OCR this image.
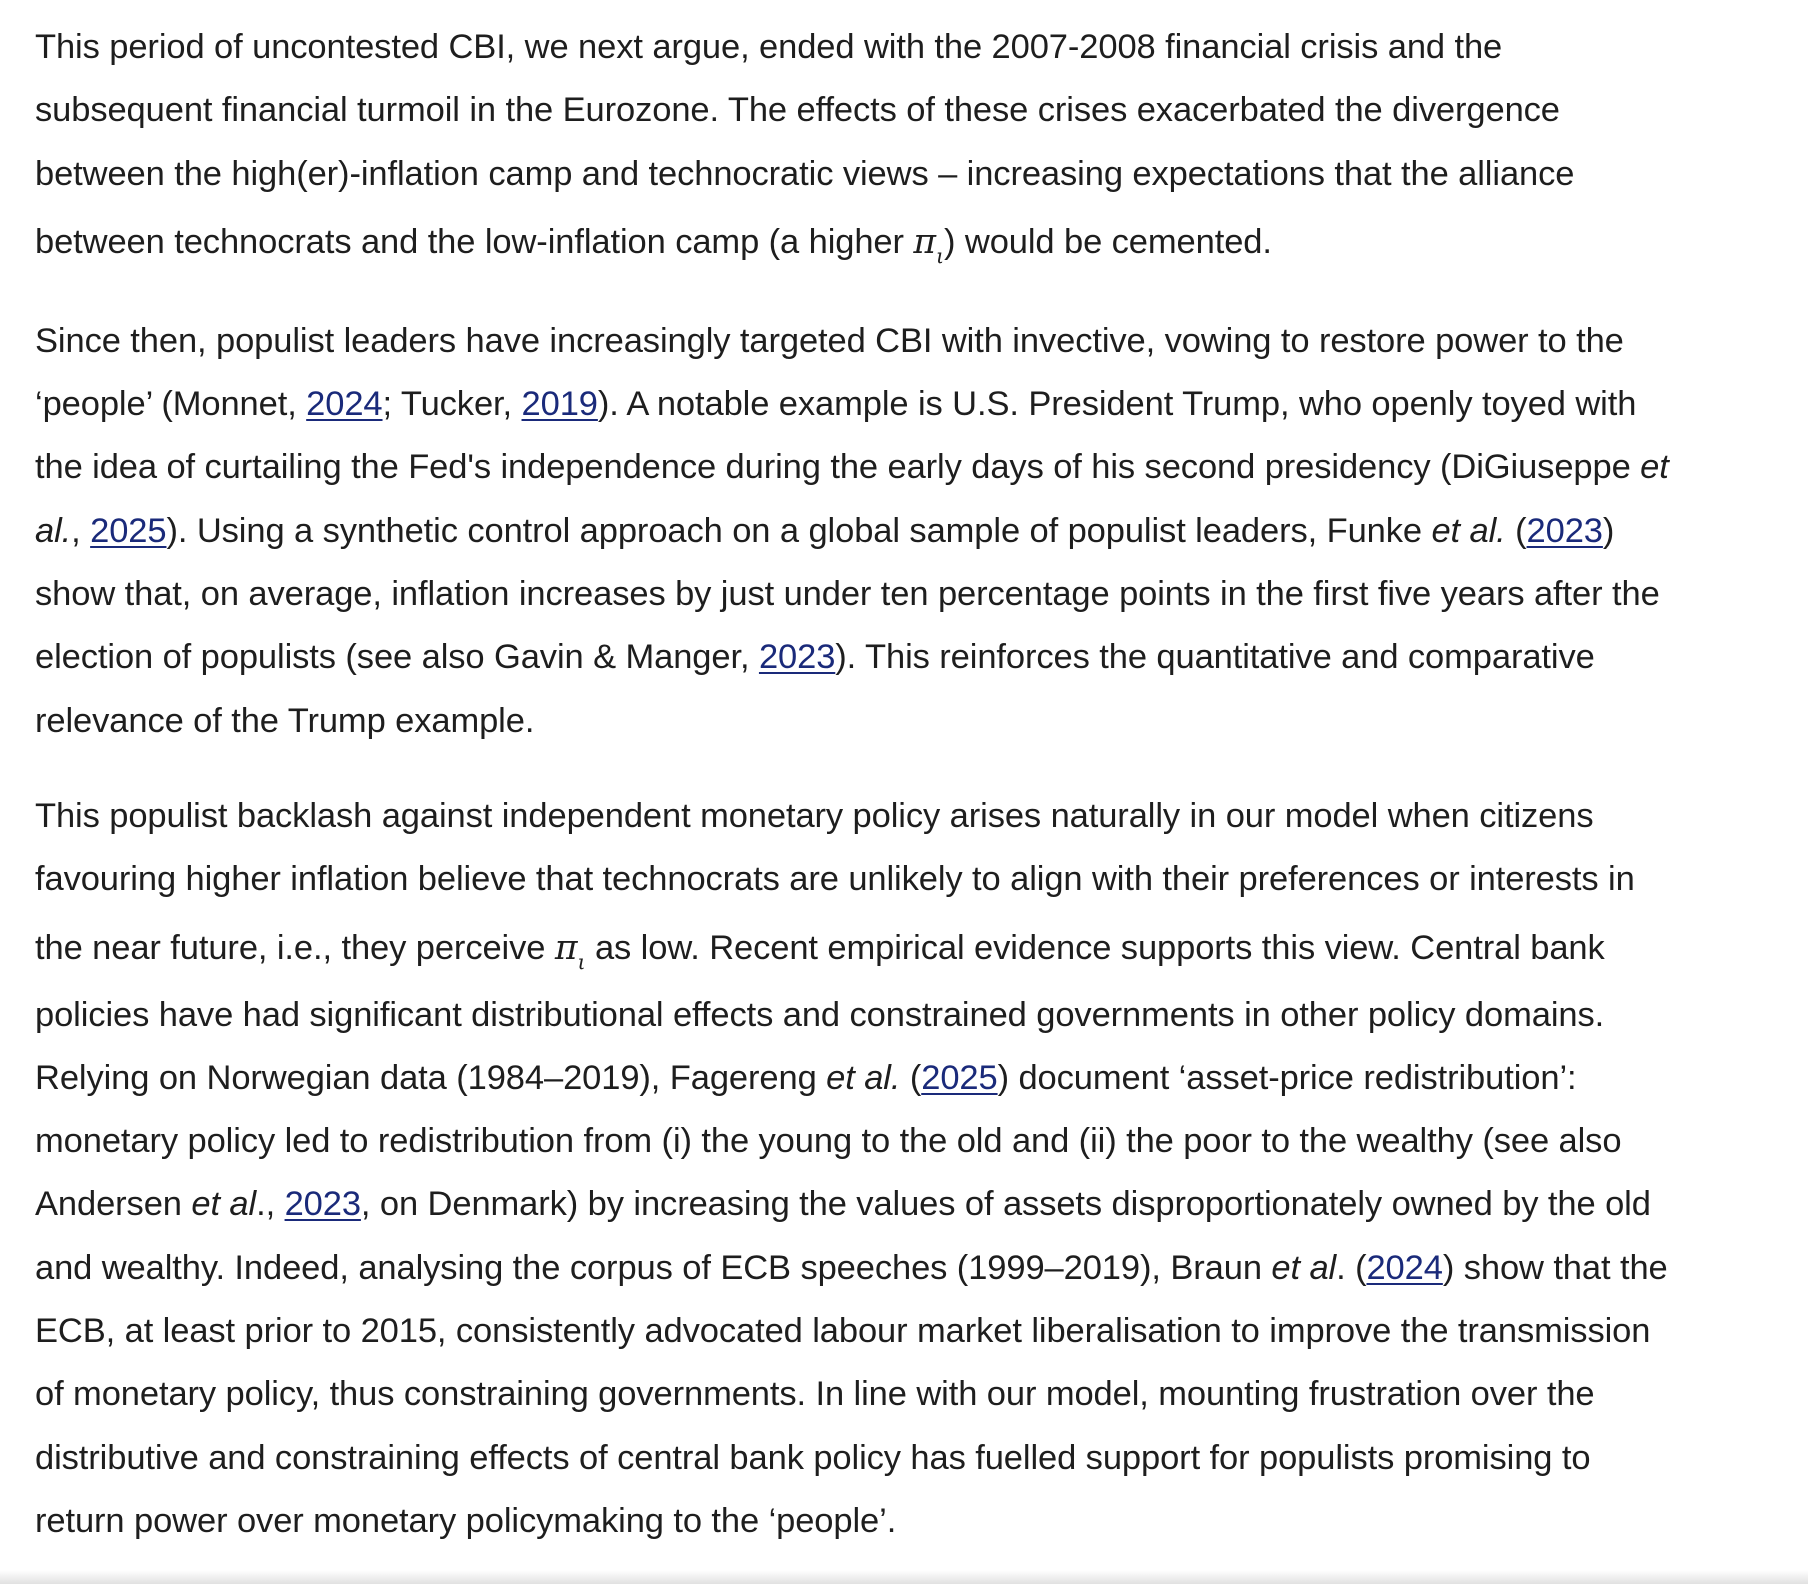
This period of uncontested CBI, we next argue, ended with the 2007-2008 financial crisis and the
subsequent financial turmoil in the Eurozone. The effects of these crises exacerbated the divergence
between the high(er)-inflation camp and technocratic views – increasing expectations that the alliance
between technocrats and the low-inflation camp (a higher $\pi_\iota$) would be cemented.

Since then, populist leaders have increasingly targeted CBI with invective, vowing to restore power to the
‘people’ (Monnet, 2024; Tucker, 2019). A notable example is U.S. President Trump, who openly toyed with
the idea of curtailing the Fed's independence during the early days of his second presidency (DiGiuseppe et
al., 2025). Using a synthetic control approach on a global sample of populist leaders, Funke et al. (2023)
show that, on average, inflation increases by just under ten percentage points in the first five years after the
election of populists (see also Gavin & Manger, 2023). This reinforces the quantitative and comparative
relevance of the Trump example.

This populist backlash against independent monetary policy arises naturally in our model when citizens
favouring higher inflation believe that technocrats are unlikely to align with their preferences or interests in
the near future, i.e., they perceive $\pi_\iota$ as low. Recent empirical evidence supports this view. Central bank
policies have had significant distributional effects and constrained governments in other policy domains.
Relying on Norwegian data (1984–2019), Fagereng et al. (2025) document ‘asset-price redistribution’:
monetary policy led to redistribution from (i) the young to the old and (ii) the poor to the wealthy (see also
Andersen et al., 2023, on Denmark) by increasing the values of assets disproportionately owned by the old
and wealthy. Indeed, analysing the corpus of ECB speeches (1999–2019), Braun et al. (2024) show that the
ECB, at least prior to 2015, consistently advocated labour market liberalisation to improve the transmission
of monetary policy, thus constraining governments. In line with our model, mounting frustration over the
distributive and constraining effects of central bank policy has fuelled support for populists promising to
return power over monetary policymaking to the ‘people’.
